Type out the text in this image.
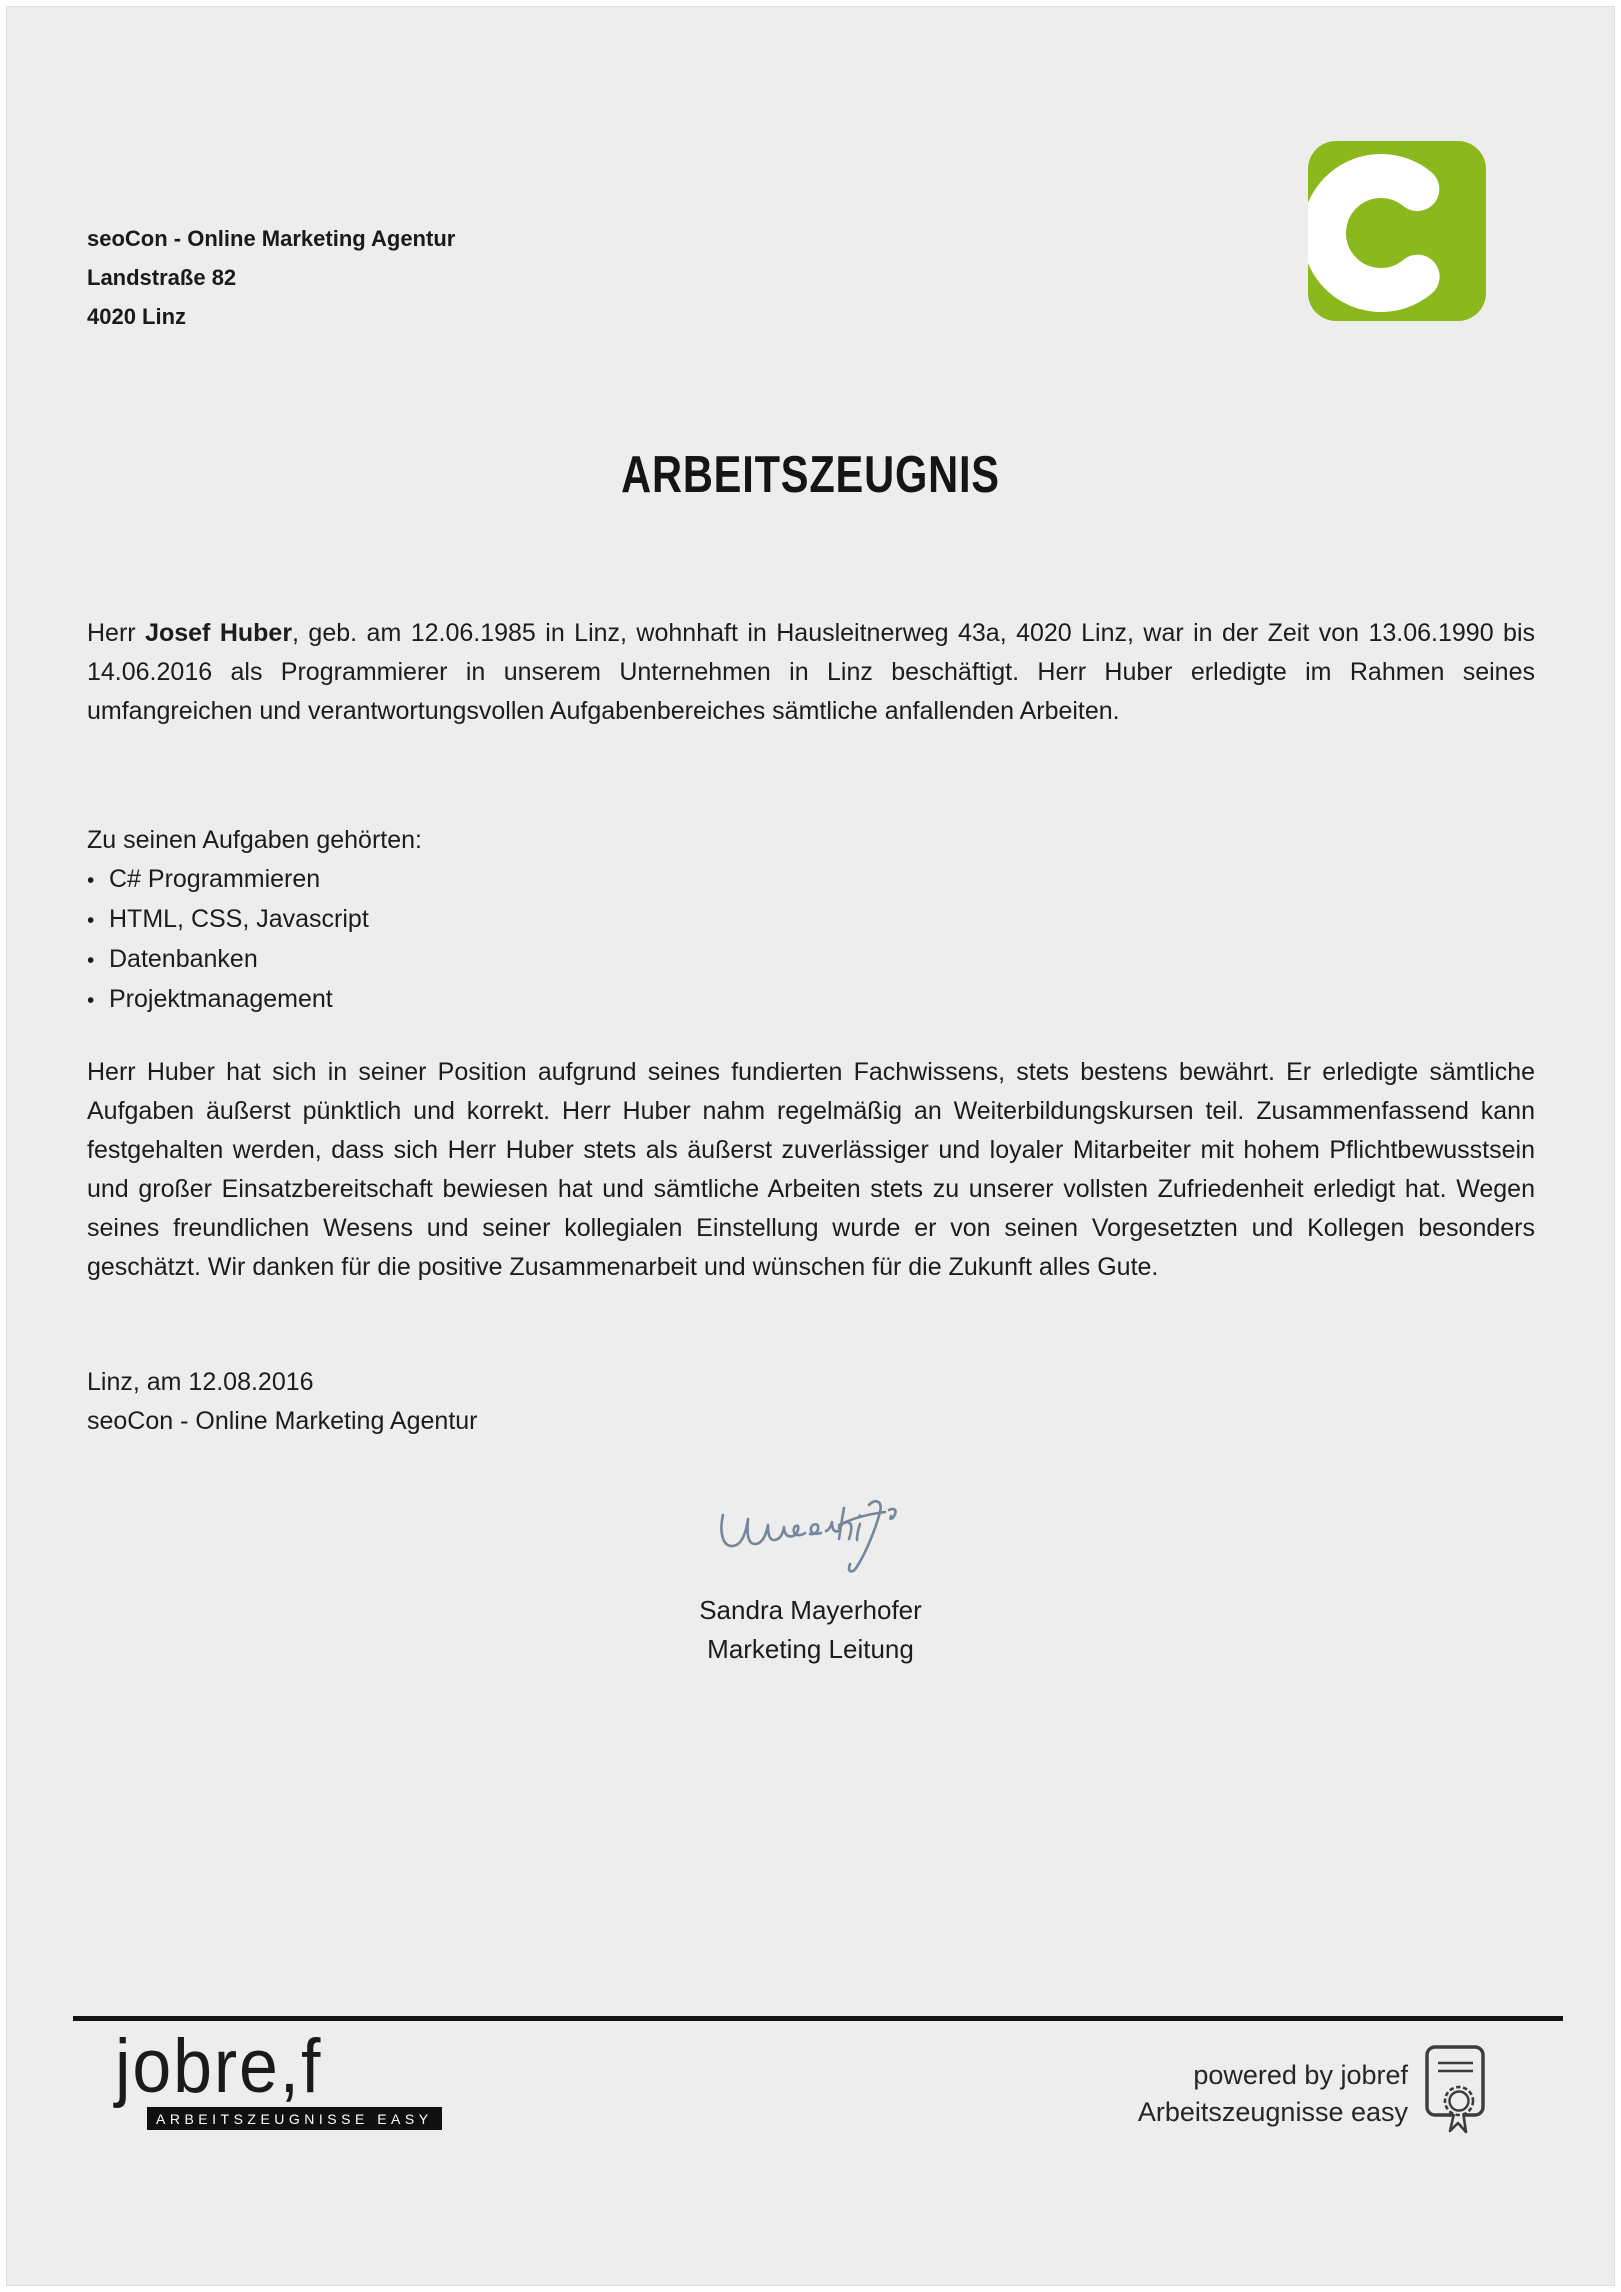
seoCon - Online Marketing Agentur
Landstraße 82
4020 Linz
ARBEITSZEUGNIS
Herr Josef Huber, geb. am 12.06.1985 in Linz, wohnhaft in Hausleitnerweg 43a, 4020 Linz, war in der Zeit von 13.06.1990 bis 14.06.2016 als Programmierer in unserem Unternehmen in Linz beschäftigt. Herr Huber erledigte im Rahmen seines umfangreichen und verantwortungsvollen Aufgabenbereiches sämtliche anfallenden Arbeiten.
Zu seinen Aufgaben gehörten:
• C# Programmieren
• HTML, CSS, Javascript
• Datenbanken
• Projektmanagement
Herr Huber hat sich in seiner Position aufgrund seines fundierten Fachwissens, stets bestens bewährt. Er erledigte sämtliche Aufgaben äußerst pünktlich und korrekt. Herr Huber nahm regelmäßig an Weiterbildungskursen teil. Zusammenfassend kann festgehalten werden, dass sich Herr Huber stets als äußerst zuverlässiger und loyaler Mitarbeiter mit hohem Pflichtbewusstsein und großer Einsatzbereitschaft bewiesen hat und sämtliche Arbeiten stets zu unserer vollsten Zufriedenheit erledigt hat. Wegen seines freundlichen Wesens und seiner kollegialen Einstellung wurde er von seinen Vorgesetzten und Kollegen besonders geschätzt. Wir danken für die positive Zusammenarbeit und wünschen für die Zukunft alles Gute.
Linz, am 12.08.2016
seoCon - Online Marketing Agentur
Sandra Mayerhofer
Marketing Leitung
jobre,f
ARBEITSZEUGNISSE EASY
powered by jobref
Arbeitszeugnisse easy
